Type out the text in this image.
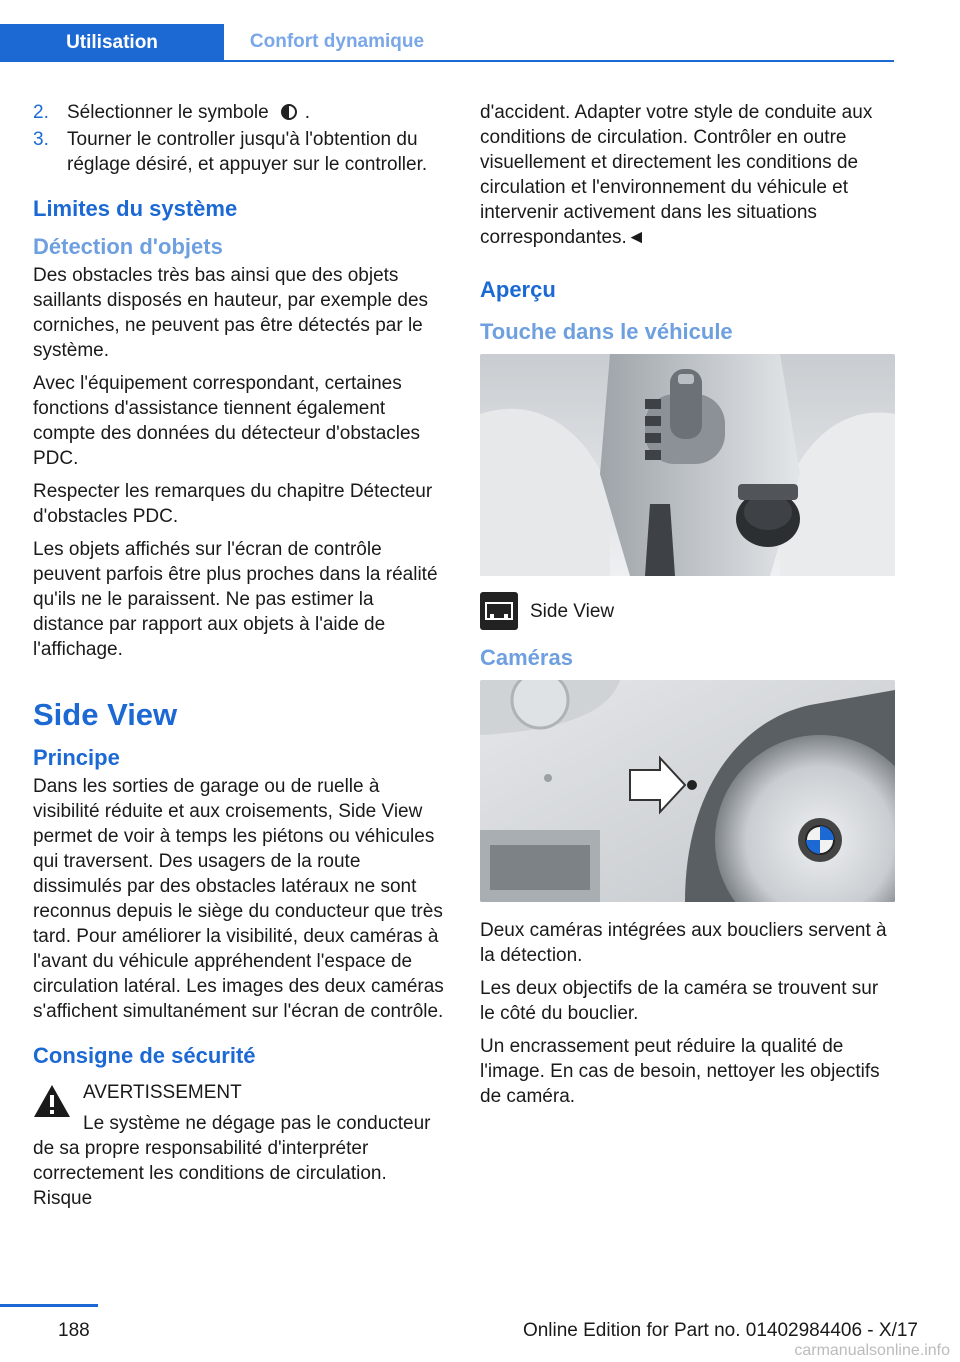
Utilisation	Confort dynamique
2. Sélectionner le symbole .
3. Tourner le controller jusqu'à l'obtention du réglage désiré, et appuyer sur le controller.
Limites du système
Détection d'objets

Des obstacles très bas ainsi que des objets saillants disposés en hauteur, par exemple des corniches, ne peuvent pas être détectés par le système.

Avec l'équipement correspondant, certaines fonctions d'assistance tiennent également compte des données du détecteur d'obstacles PDC.

Respecter les remarques du chapitre Détecteur d'obstacles PDC.

Les objets affichés sur l'écran de contrôle peuvent parfois être plus proches dans la réalité qu'ils ne le paraissent. Ne pas estimer la distance par rapport aux objets à l'aide de l'affichage.

Side View
Principe

Dans les sorties de garage ou de ruelle à visibilité réduite et aux croisements, Side View permet de voir à temps les piétons ou véhicules qui traversent. Des usagers de la route dissimulés par des obstacles latéraux ne sont reconnus depuis le siège du conducteur que très tard. Pour améliorer la visibilité, deux caméras à l'avant du véhicule appréhendent l'espace de circulation latéral. Les images des deux caméras s'affichent simultanément sur l'écran de contrôle.

Consigne de sécurité
AVERTISSEMENT

Le système ne dégage pas le conducteur de sa propre responsabilité d'interpréter correctement les conditions de circulation. Risque

d'accident. Adapter votre style de conduite aux conditions de circulation. Contrôler en outre visuellement et directement les conditions de circulation et l'environnement du véhicule et intervenir activement dans les situations correspondantes.◄

Aperçu
Touche dans le véhicule
Side View
Caméras

Deux caméras intégrées aux boucliers servent à la détection.

Les deux objectifs de la caméra se trouvent sur le côté du bouclier.

Un encrassement peut réduire la qualité de l'image. En cas de besoin, nettoyer les objectifs de caméra.

188	Online Edition for Part no. 01402984406 - X/17
carmanualsonline.info
